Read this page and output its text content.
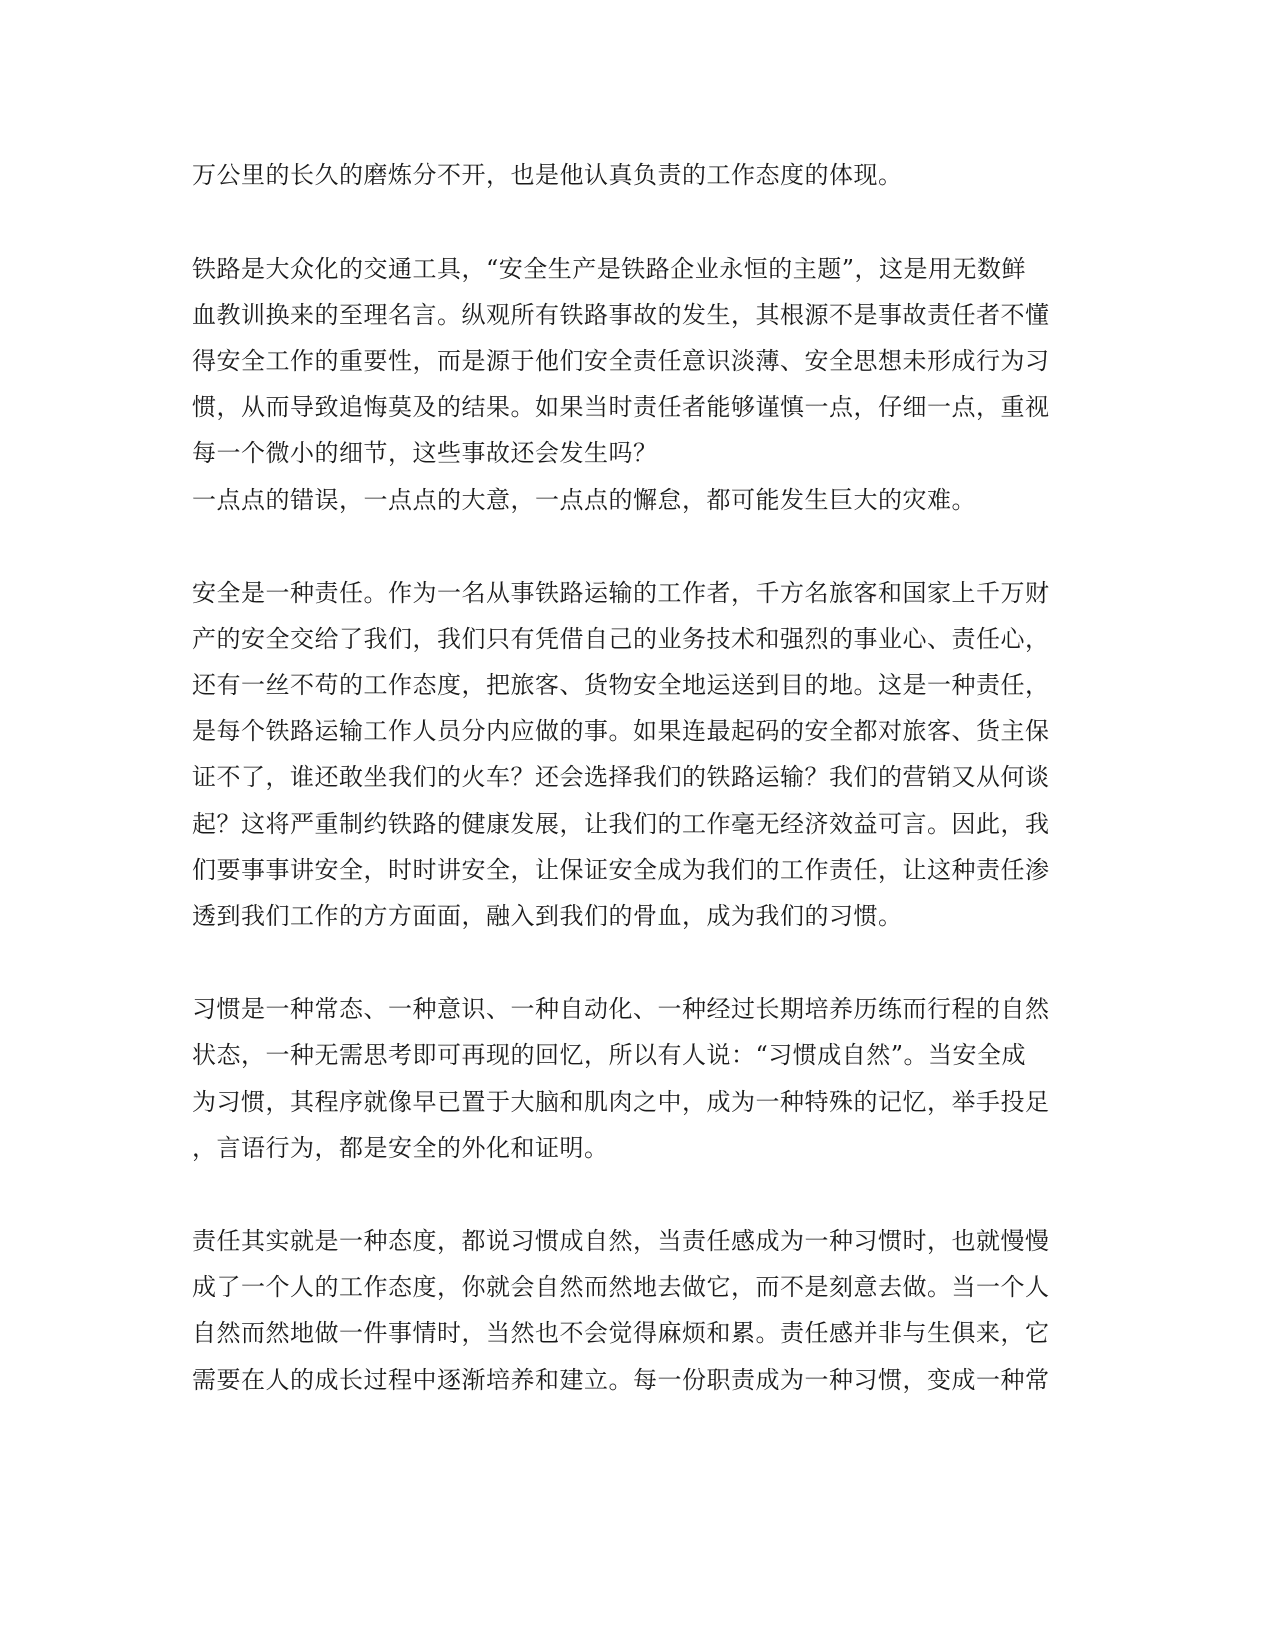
万公里的长久的磨炼分不开，也是他认真负责的工作态度的体现。
铁路是大众化的交通工具，“安全生产是铁路企业永恒的主题”，这是用无数鲜
血教训换来的至理名言。纵观所有铁路事故的发生，其根源不是事故责任者不懂
得安全工作的重要性，而是源于他们安全责任意识淡薄、安全思想未形成行为习
惯，从而导致追悔莫及的结果。如果当时责任者能够谨慎一点，仔细一点，重视
每一个微小的细节，这些事故还会发生吗？
一点点的错误，一点点的大意，一点点的懈怠，都可能发生巨大的灾难。
安全是一种责任。作为一名从事铁路运输的工作者，千方名旅客和国家上千万财
产的安全交给了我们，我们只有凭借自己的业务技术和强烈的事业心、责任心，
还有一丝不苟的工作态度，把旅客、货物安全地运送到目的地。这是一种责任，
是每个铁路运输工作人员分内应做的事。如果连最起码的安全都对旅客、货主保
证不了，谁还敢坐我们的火车？还会选择我们的铁路运输？我们的营销又从何谈
起？这将严重制约铁路的健康发展，让我们的工作毫无经济效益可言。因此，我
们要事事讲安全，时时讲安全，让保证安全成为我们的工作责任，让这种责任渗
透到我们工作的方方面面，融入到我们的骨血，成为我们的习惯。
习惯是一种常态、一种意识、一种自动化、一种经过长期培养历练而行程的自然
状态，一种无需思考即可再现的回忆，所以有人说：“习惯成自然”。当安全成
为习惯，其程序就像早已置于大脑和肌肉之中，成为一种特殊的记忆，举手投足
，言语行为，都是安全的外化和证明。
责任其实就是一种态度，都说习惯成自然，当责任感成为一种习惯时，也就慢慢
成了一个人的工作态度，你就会自然而然地去做它，而不是刻意去做。当一个人
自然而然地做一件事情时，当然也不会觉得麻烦和累。责任感并非与生俱来，它
需要在人的成长过程中逐渐培养和建立。每一份职责成为一种习惯，变成一种常
